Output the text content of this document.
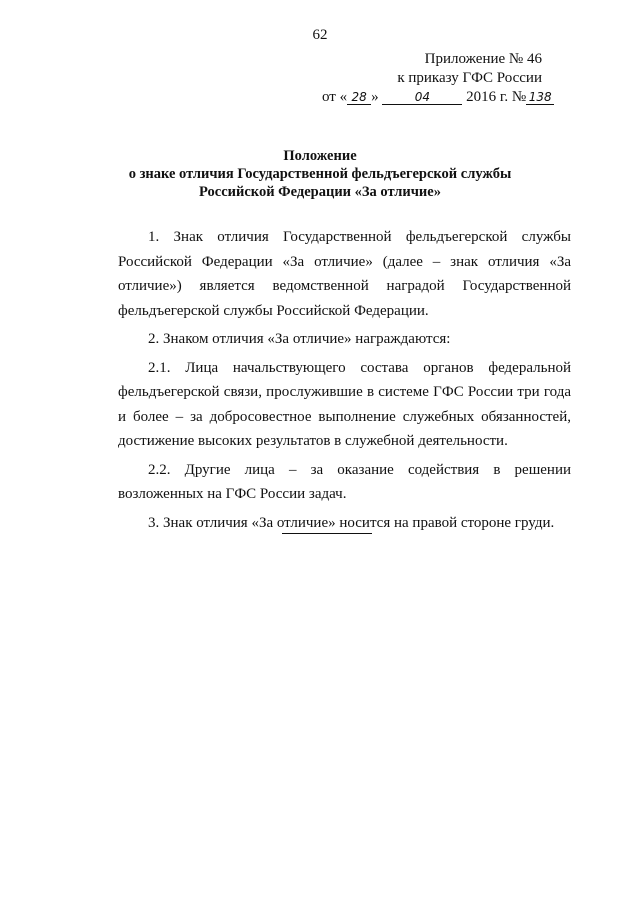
62
Приложение № 46
к приказу ГФС России
от « 28 »	04 2016 г. № 138
Положение
о знаке отличия Государственной фельдъегерской службы
Российской Федерации «За отличие»

1. Знак отличия Государственной фельдъегерской службы Российской Федерации «За отличие» (далее – знак отличия «За отличие») является ведомственной наградой Государственной фельдъегерской службы Российской Федерации.

2. Знаком отличия «За отличие» награждаются:

2.1. Лица начальствующего состава органов федеральной фельдъегерской связи, прослужившие в системе ГФС России три года и более – за добросовестное выполнение служебных обязанностей, достижение высоких результатов в служебной деятельности.

2.2. Другие лица – за оказание содействия в решении возложенных на ГФС России задач.

3. Знак отличия «За отличие» носится на правой стороне груди.
